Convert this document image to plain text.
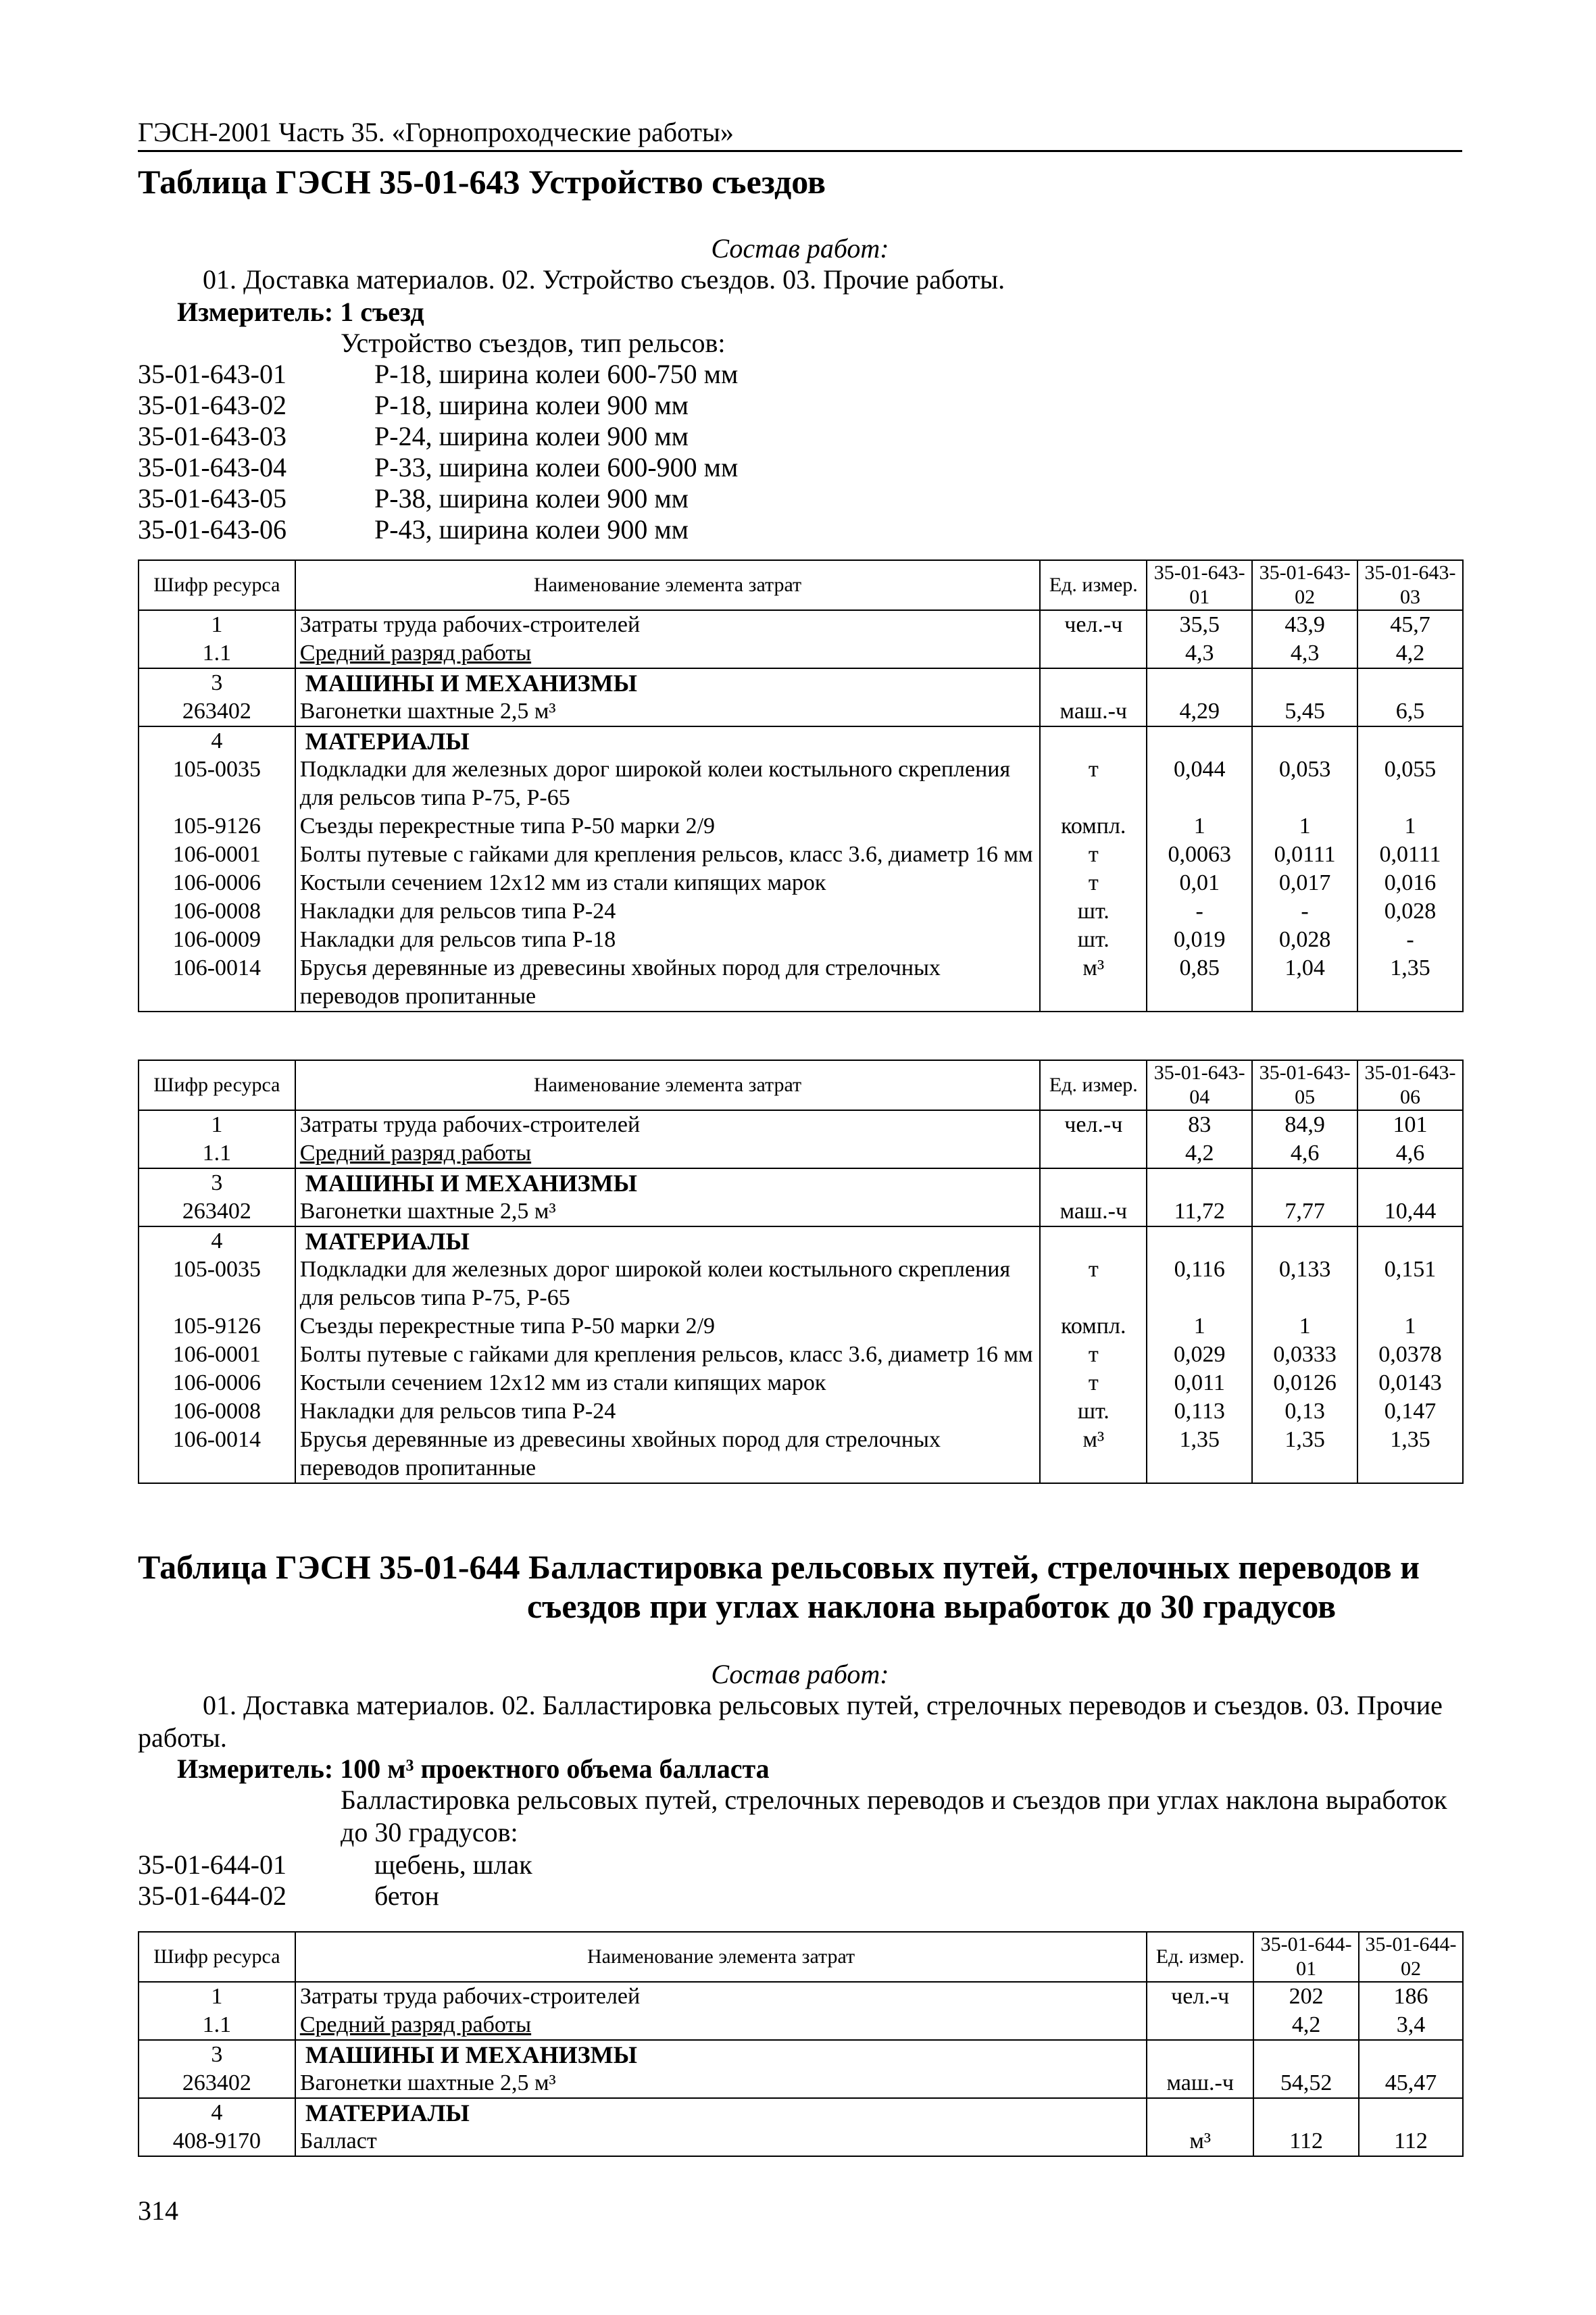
ГЭСН-2001 Часть 35. «Горнопроходческие работы»
Таблица ГЭСН 35-01-643 Устройство съездов
Состав работ:
01. Доставка материалов. 02. Устройство съездов. 03. Прочие работы.
Измеритель: 1 съезд
Устройство съездов, тип рельсов:
35-01-643-01	Р-18, ширина колеи 600-750 мм
35-01-643-02	Р-18, ширина колеи 900 мм
35-01-643-03	Р-24, ширина колеи 900 мм
35-01-643-04	Р-33, ширина колеи 600-900 мм
35-01-643-05	Р-38, ширина колеи 900 мм
35-01-643-06	Р-43, ширина колеи 900 мм
Шифр ресурса	Наименование элемента затрат	Ед. измер.	35-01-643-01	35-01-643-02	35-01-643-03
1	Затраты труда рабочих-строителей	чел.-ч	35,5	43,9	45,7
1.1	Средний разряд работы		4,3	4,3	4,2
3	МАШИНЫ И МЕХАНИЗМЫ				
263402	Вагонетки шахтные 2,5 м³	маш.-ч	4,29	5,45	6,5
4	МАТЕРИАЛЫ				
105-0035	Подкладки для железных дорог широкой колеи костыльного скрепления для рельсов типа Р-75, Р-65	т	0,044	0,053	0,055
105-9126	Съезды перекрестные типа Р-50 марки 2/9	компл.	1	1	1
106-0001	Болты путевые с гайками для крепления рельсов, класс 3.6, диаметр 16 мм	т	0,0063	0,0111	0,0111
106-0006	Костыли сечением 12х12 мм из стали кипящих марок	т	0,01	0,017	0,016
106-0008	Накладки для рельсов типа Р-24	шт.	-	-	0,028
106-0009	Накладки для рельсов типа Р-18	шт.	0,019	0,028	-
106-0014	Брусья деревянные из древесины хвойных пород для стрелочных переводов пропитанные	м³	0,85	1,04	1,35
Шифр ресурса	Наименование элемента затрат	Ед. измер.	35-01-643-04	35-01-643-05	35-01-643-06
1	Затраты труда рабочих-строителей	чел.-ч	83	84,9	101
1.1	Средний разряд работы		4,2	4,6	4,6
3	МАШИНЫ И МЕХАНИЗМЫ				
263402	Вагонетки шахтные 2,5 м³	маш.-ч	11,72	7,77	10,44
4	МАТЕРИАЛЫ				
105-0035	Подкладки для железных дорог широкой колеи костыльного скрепления для рельсов типа Р-75, Р-65	т	0,116	0,133	0,151
105-9126	Съезды перекрестные типа Р-50 марки 2/9	компл.	1	1	1
106-0001	Болты путевые с гайками для крепления рельсов, класс 3.6, диаметр 16 мм	т	0,029	0,0333	0,0378
106-0006	Костыли сечением 12х12 мм из стали кипящих марок	т	0,011	0,0126	0,0143
106-0008	Накладки для рельсов типа Р-24	шт.	0,113	0,13	0,147
106-0014	Брусья деревянные из древесины хвойных пород для стрелочных переводов пропитанные	м³	1,35	1,35	1,35
Таблица ГЭСН 35-01-644 Балластировка рельсовых путей, стрелочных переводов и
съездов при углах наклона выработок до 30 градусов
Состав работ:
01. Доставка материалов. 02. Балластировка рельсовых путей, стрелочных переводов и съездов. 03. Прочие работы.
Измеритель: 100 м³ проектного объема балласта
Балластировка рельсовых путей, стрелочных переводов и съездов при углах наклона выработок до 30 градусов:
35-01-644-01	щебень, шлак
35-01-644-02	бетон
Шифр ресурса	Наименование элемента затрат	Ед. измер.	35-01-644-01	35-01-644-02
1	Затраты труда рабочих-строителей	чел.-ч	202	186
1.1	Средний разряд работы		4,2	3,4
3	МАШИНЫ И МЕХАНИЗМЫ			
263402	Вагонетки шахтные 2,5 м³	маш.-ч	54,52	45,47
4	МАТЕРИАЛЫ			
408-9170	Балласт	м³	112	112
314
